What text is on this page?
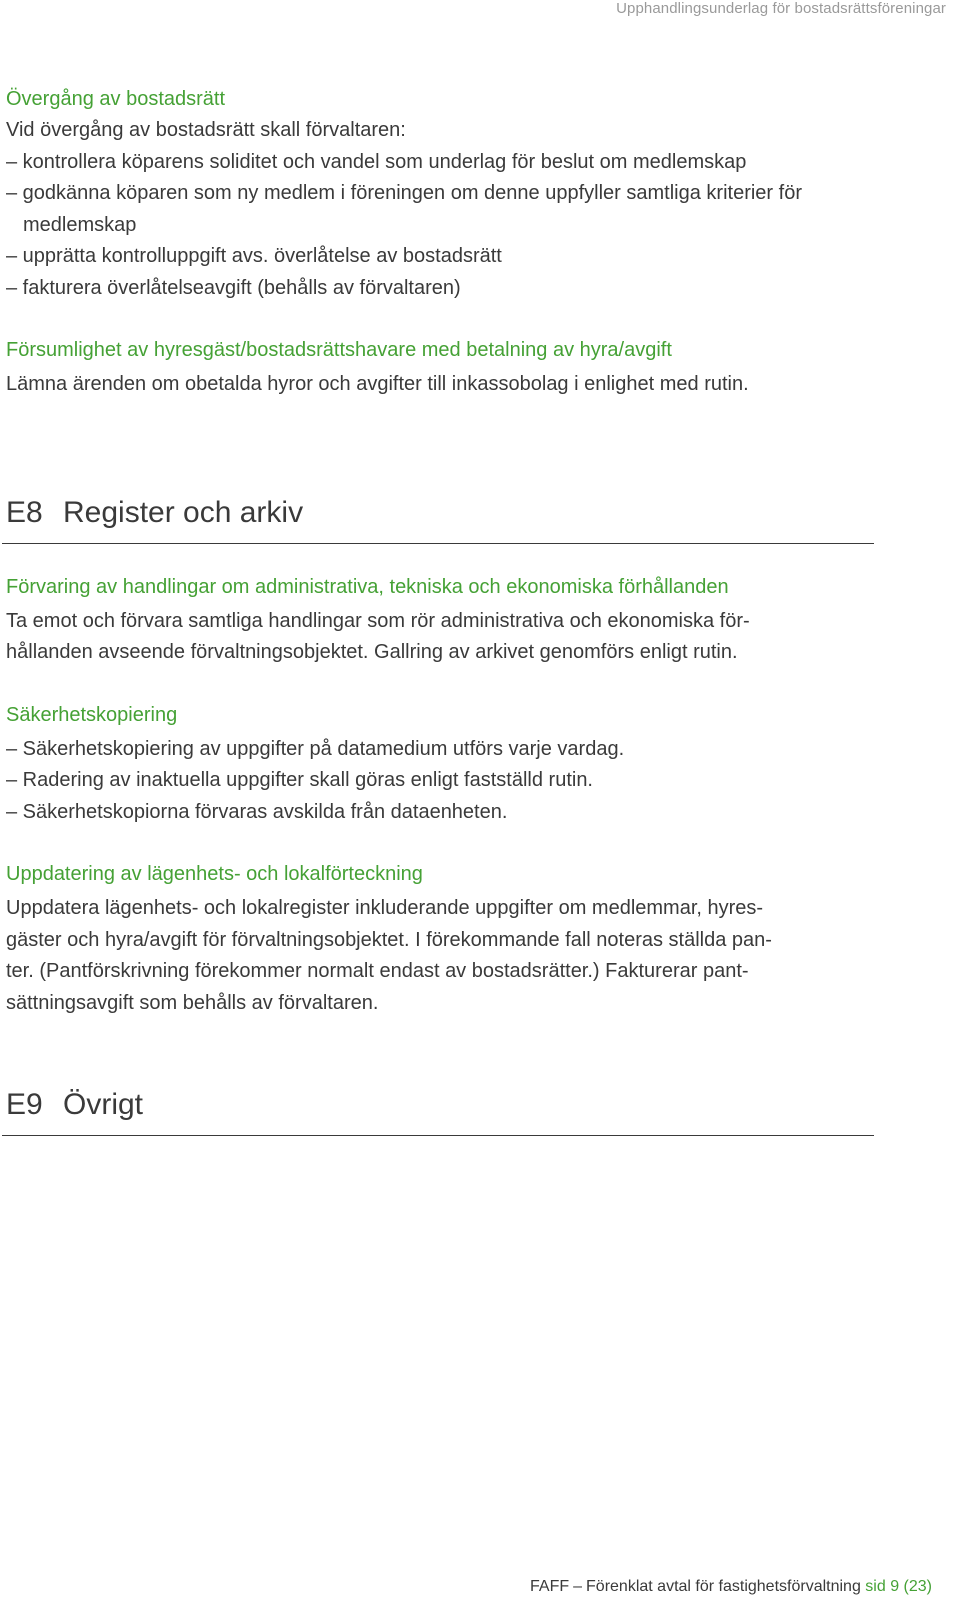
Upphandlingsunderlag för bostadsrättsföreningar
Övergång av bostadsrätt

Vid övergång av bostadsrätt skall förvaltaren:

– kontrollera köparens soliditet och vandel som underlag för beslut om medlemskap

– godkänna köparen som ny medlem i föreningen om denne uppfyller samtliga kriterier för medlemskap

– upprätta kontrolluppgift avs. överlåtelse av bostadsrätt

– fakturera överlåtelseavgift (behålls av förvaltaren)

Försumlighet av hyresgäst/bostadsrättshavare med betalning av hyra/avgift

Lämna ärenden om obetalda hyror och avgifter till inkassobolag i enlighet med rutin.

E8 Register och arkiv
Förvaring av handlingar om administrativa, tekniska och ekonomiska förhållanden

Ta emot och förvara samtliga handlingar som rör administrativa och ekonomiska för-

hållanden avseende förvaltningsobjektet. Gallring av arkivet genomförs enligt rutin.

Säkerhetskopiering

– Säkerhetskopiering av uppgifter på datamedium utförs varje vardag.

– Radering av inaktuella uppgifter skall göras enligt fastställd rutin.

– Säkerhetskopiorna förvaras avskilda från dataenheten.

Uppdatering av lägenhets- och lokalförteckning

Uppdatera lägenhets- och lokalregister inkluderande uppgifter om medlemmar, hyres-

gäster och hyra/avgift för förvaltningsobjektet. I förekommande fall noteras ställda pan-

ter. (Pantförskrivning förekommer normalt endast av bostadsrätter.) Fakturerar pant-

sättningsavgift som behålls av förvaltaren.

E9 Övrigt
FAFF – Förenklat avtal för fastighetsförvaltning sid 9 (23)
